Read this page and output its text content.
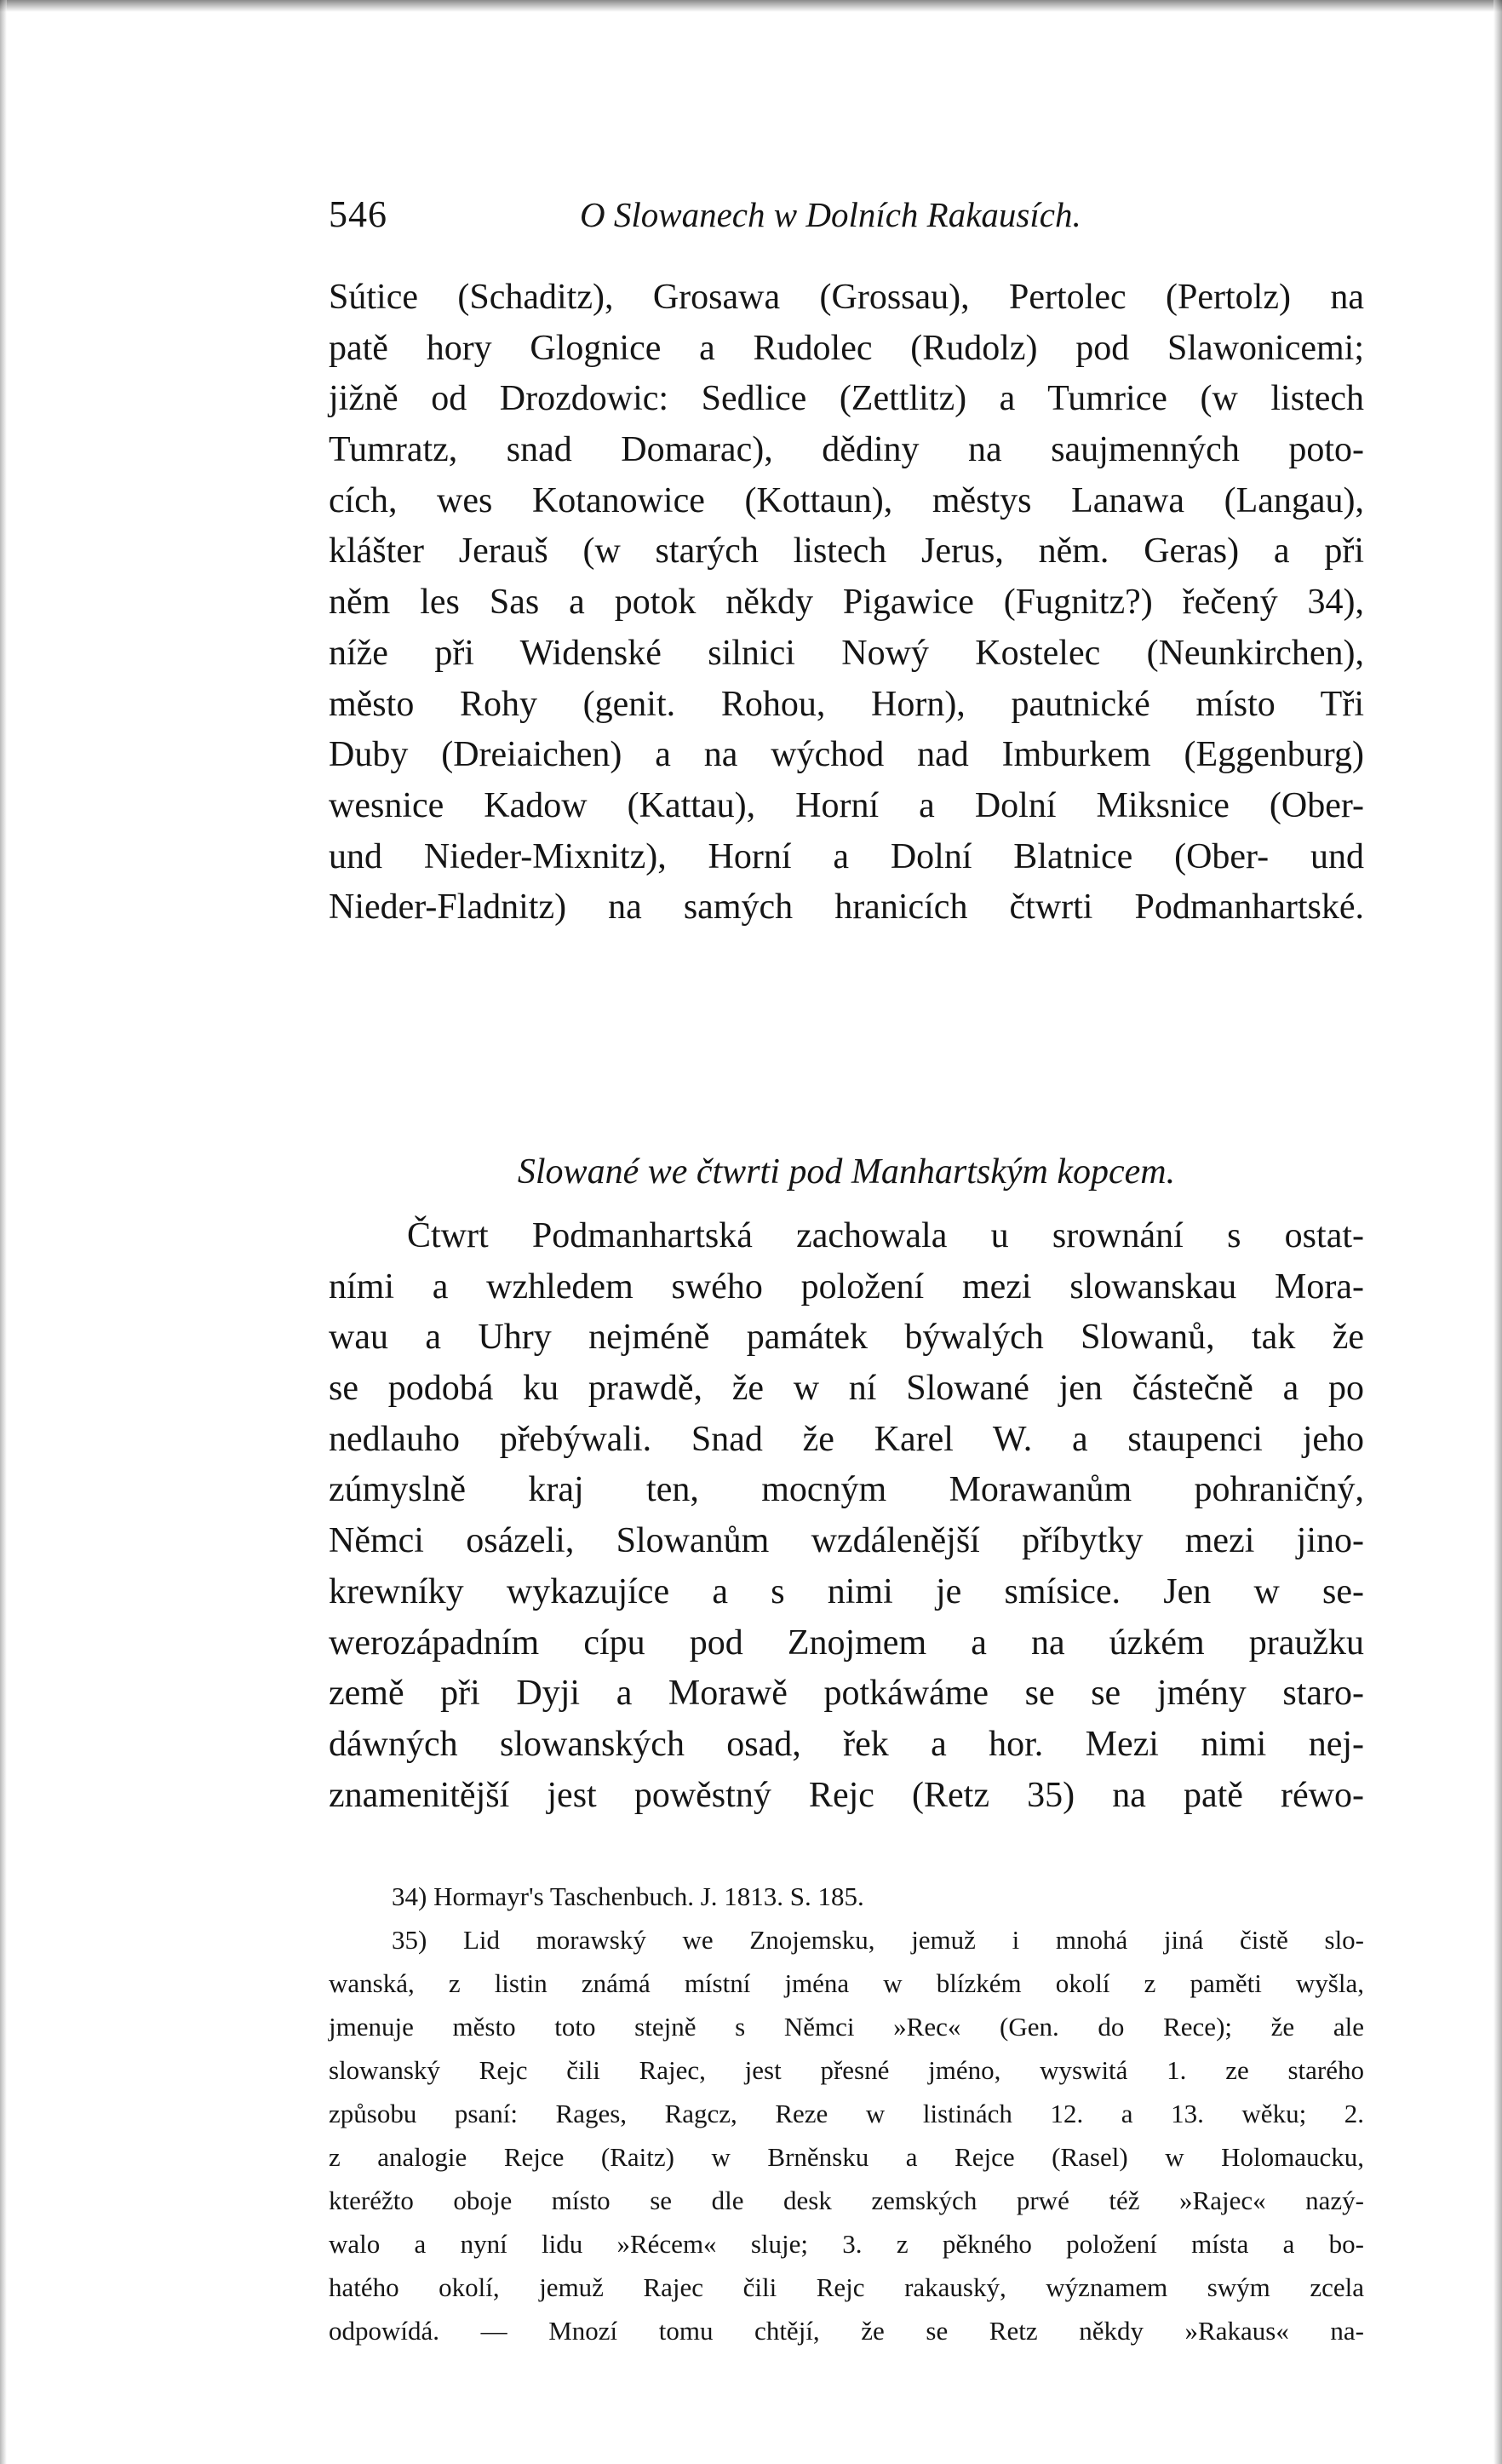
546	O Slowanech w Dolních Rakausích.
Sútice (Schaditz), Grosawa (Grossau), Pertolec (Pertolz) na
patě hory Glognice a Rudolec (Rudolz) pod Slawonicemi;
jižně od Drozdowic: Sedlice (Zettlitz) a Tumrice (w listech
Tumratz, snad Domarac), dědiny na saujmenných poto-
cích, wes Kotanowice (Kottaun), městys Lanawa (Langau),
klášter Jerauš (w starých listech Jerus, něm. Geras) a při
něm les Sas a potok někdy Pigawice (Fugnitz?) řečený 34),
níže při Widenské silnici Nowý Kostelec (Neunkirchen),
město Rohy (genit. Rohou, Horn), pautnické místo Tři
Duby (Dreiaichen) a na wýchod nad Imburkem (Eggenburg)
wesnice Kadow (Kattau), Horní a Dolní Miksnice (Ober-
und Nieder-Mixnitz), Horní a Dolní Blatnice (Ober- und
Nieder-Fladnitz) na samých hranicích čtwrti Podmanhartské.
Slowané we čtwrti pod Manhartským kopcem.
Čtwrt Podmanhartská zachowala u srownání s ostat-
ními a wzhledem swého položení mezi slowanskau Mora-
wau a Uhry nejméně památek býwalých Slowanů, tak že
se podobá ku prawdě, že w ní Slowané jen částečně a po
nedlauho přebýwali. Snad že Karel W. a staupenci jeho
zúmyslně kraj ten, mocným Morawanům pohraničný,
Němci osázeli, Slowanům wzdálenější příbytky mezi jino-
krewníky wykazujíce a s nimi je smísice. Jen w se-
werozápadním cípu pod Znojmem a na úzkém praužku
země při Dyji a Morawě potkáwáme se se jmény staro-
dáwných slowanských osad, řek a hor. Mezi nimi nej-
znamenitější jest powěstný Rejc (Retz 35) na patě réwo-
34) Hormayr's Taschenbuch. J. 1813. S. 185.
35) Lid morawský we Znojemsku, jemuž i mnohá jiná čistě slo-
wanská, z listin známá místní jména w blízkém okolí z paměti wyšla,
jmenuje město toto stejně s Němci »Rec« (Gen. do Rece); že ale
slowanský Rejc čili Rajec, jest přesné jméno, wyswitá 1. ze starého
způsobu psaní: Rages, Ragcz, Reze w listinách 12. a 13. wěku; 2.
z analogie Rejce (Raitz) w Brněnsku a Rejce (Rasel) w Holomaucku,
kteréžto oboje místo se dle desk zemských prwé též »Rajec« nazý-
walo a nyní lidu »Récem« sluje; 3. z pěkného položení místa a bo-
hatého okolí, jemuž Rajec čili Rejc rakauský, wýznamem swým zcela
odpowídá. — Mnozí tomu chtějí, že se Retz někdy »Rakaus« na-
